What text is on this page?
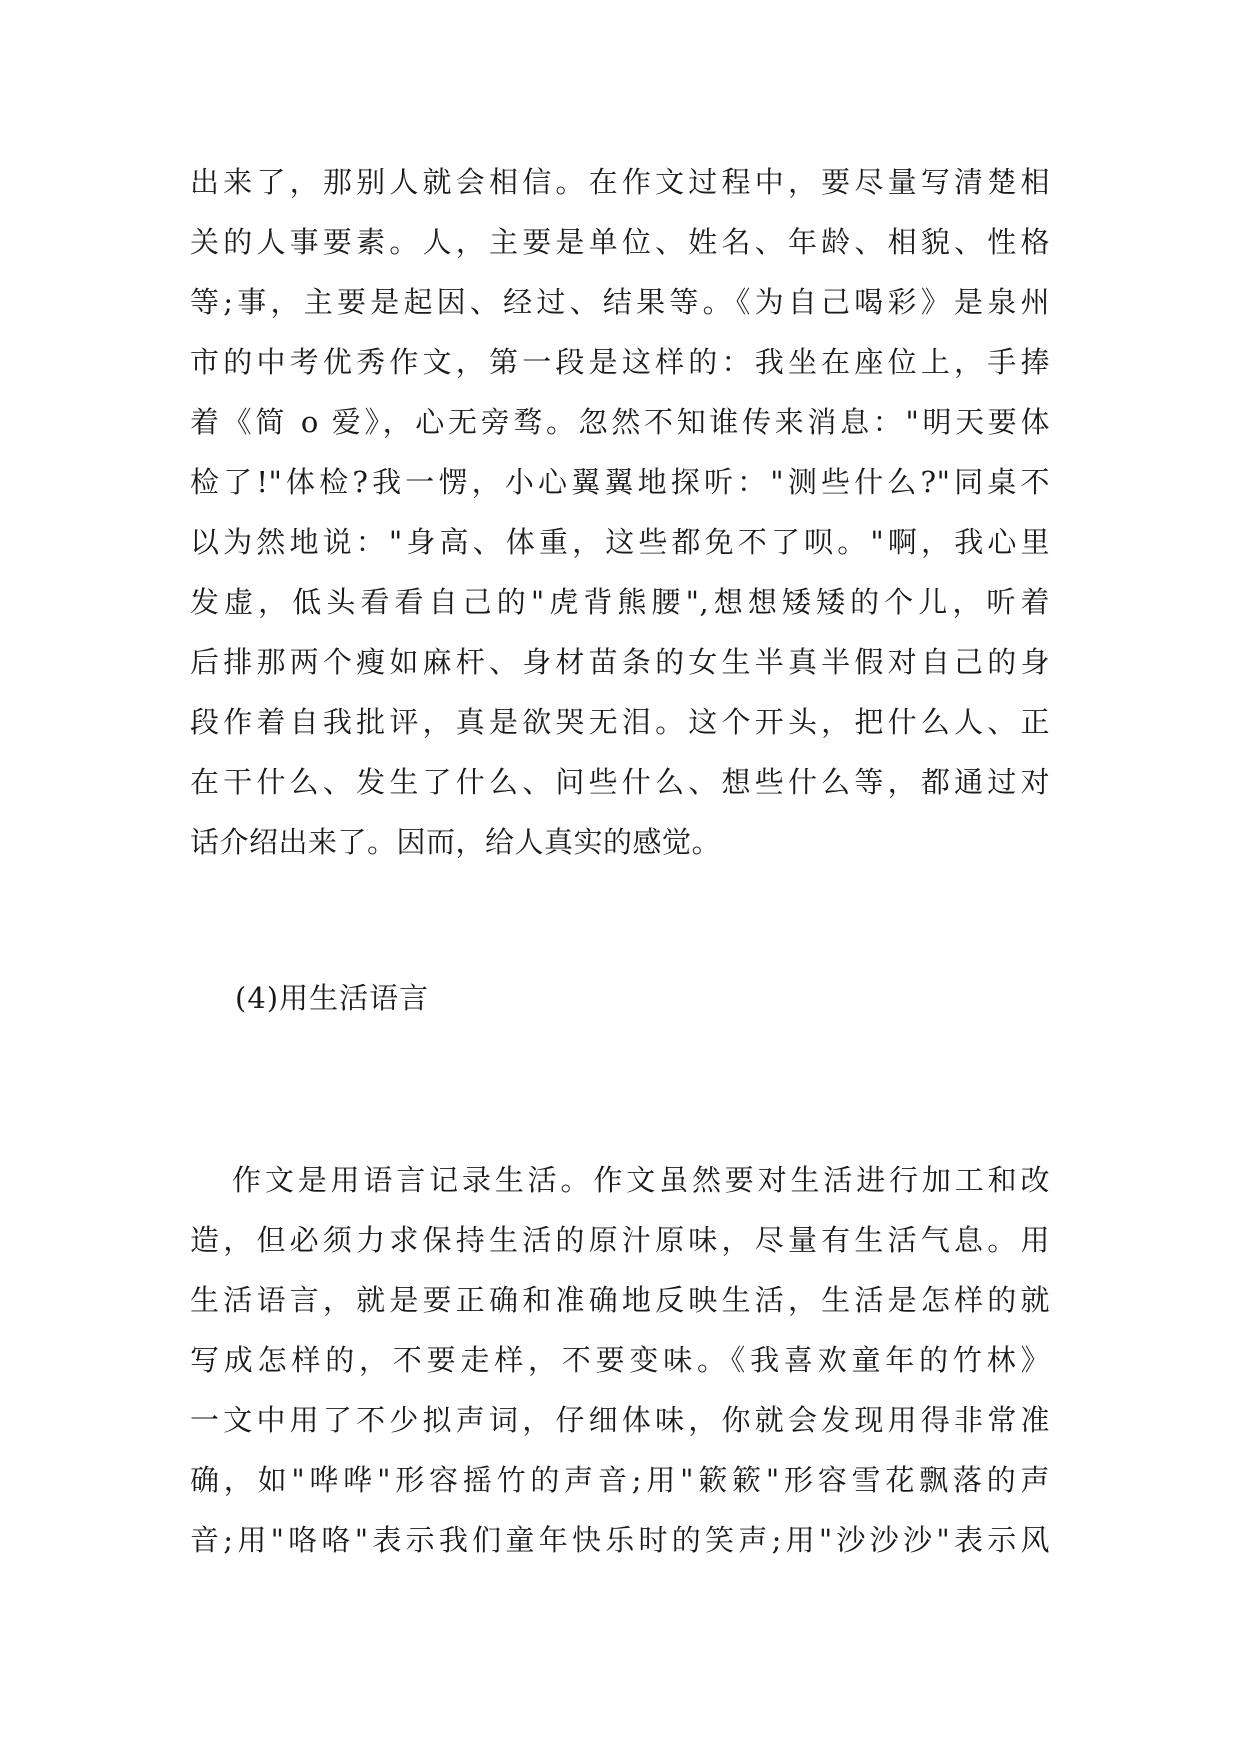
出来了，那别人就会相信。在作文过程中，要尽量写清楚相
关的人事要素。人，主要是单位、姓名、年龄、相貌、性格
等;事，主要是起因、经过、结果等。《为自己喝彩》是泉州
市的中考优秀作文，第一段是这样的：我坐在座位上，手捧
着《简 o 爱》，心无旁骛。忽然不知谁传来消息："明天要体
检了!"体检?我一愣，小心翼翼地探听："测些什么?"同桌不
以为然地说："身高、体重，这些都免不了呗。"啊，我心里
发虚，低头看看自己的"虎背熊腰",想想矮矮的个儿，听着
后排那两个瘦如麻杆、身材苗条的女生半真半假对自己的身
段作着自我批评，真是欲哭无泪。这个开头，把什么人、正
在干什么、发生了什么、问些什么、想些什么等，都通过对
话介绍出来了。因而，给人真实的感觉。
(4)用生活语言
作文是用语言记录生活。作文虽然要对生活进行加工和改
造，但必须力求保持生活的原汁原味，尽量有生活气息。用
生活语言，就是要正确和准确地反映生活，生活是怎样的就
写成怎样的，不要走样，不要变味。《我喜欢童年的竹林》
一文中用了不少拟声词，仔细体味，你就会发现用得非常准
确，如"哗哗"形容摇竹的声音;用"簌簌"形容雪花飘落的声
音;用"咯咯"表示我们童年快乐时的笑声;用"沙沙沙"表示风
